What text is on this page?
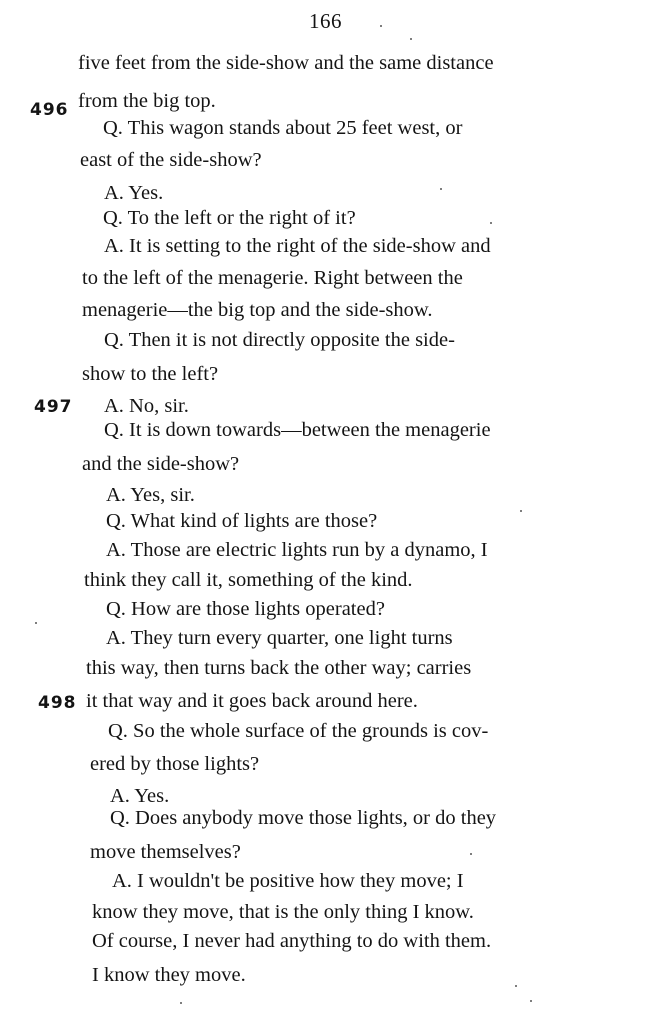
166
496
497
498
five feet from the side-show and the same distance
from the big top.
Q. This wagon stands about 25 feet west, or
east of the side-show?
A. Yes.
Q. To the left or the right of it?
A. It is setting to the right of the side-show and
to the left of the menagerie. Right between the
menagerie—the big top and the side-show.
Q. Then it is not directly opposite the side-
show to the left?
A. No, sir.
Q. It is down towards—between the menagerie
and the side-show?
A. Yes, sir.
Q. What kind of lights are those?
A. Those are electric lights run by a dynamo, I
think they call it, something of the kind.
Q. How are those lights operated?
A. They turn every quarter, one light turns
this way, then turns back the other way; carries
it that way and it goes back around here.
Q. So the whole surface of the grounds is cov-
ered by those lights?
A. Yes.
Q. Does anybody move those lights, or do they
move themselves?
A. I wouldn't be positive how they move; I
know they move, that is the only thing I know.
Of course, I never had anything to do with them.
I know they move.
